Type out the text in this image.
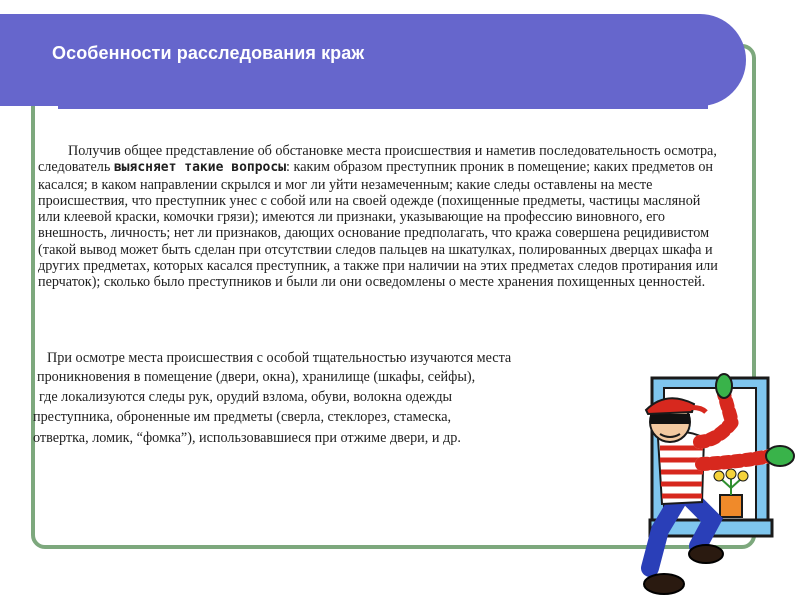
Особенности расследования краж

Получив общее представление об обстановке места происшествия и наметив последовательность осмотра, следователь выясняет такие вопросы: каким образом преступник проник в помещение; каких предметов он касался; в каком направлении скрылся и мог ли уйти незамеченным; какие следы оставлены на месте происшествия, что преступник унес с собой или на своей одежде (похищенные предметы, частицы масляной или клеевой краски, комочки грязи); имеются ли признаки, указывающие на профессию виновного, его внешность, личность; нет ли признаков, дающих основание предполагать, что кража совершена рецидивистом (такой вывод может быть сделан при отсутствии следов пальцев на шкатулках, полированных дверцах шкафа и других предметах, которых касался преступник, а также при наличии на этих предметах следов протирания или перчаток); сколько было преступников и были ли они осведомлены о месте хранения похищенных ценностей.

При осмотре места происшествия с особой тщательностью изучаются места

проникновения в помещение (двери, окна), хранилище (шкафы, сейфы),

где локализуются следы рук, орудий взлома, обуви, волокна одежды

преступника, оброненные им предметы (сверла, стеклорез, стамеска,

отвертка, ломик, “фомка”), использовавшиеся при отжиме двери, и др.
